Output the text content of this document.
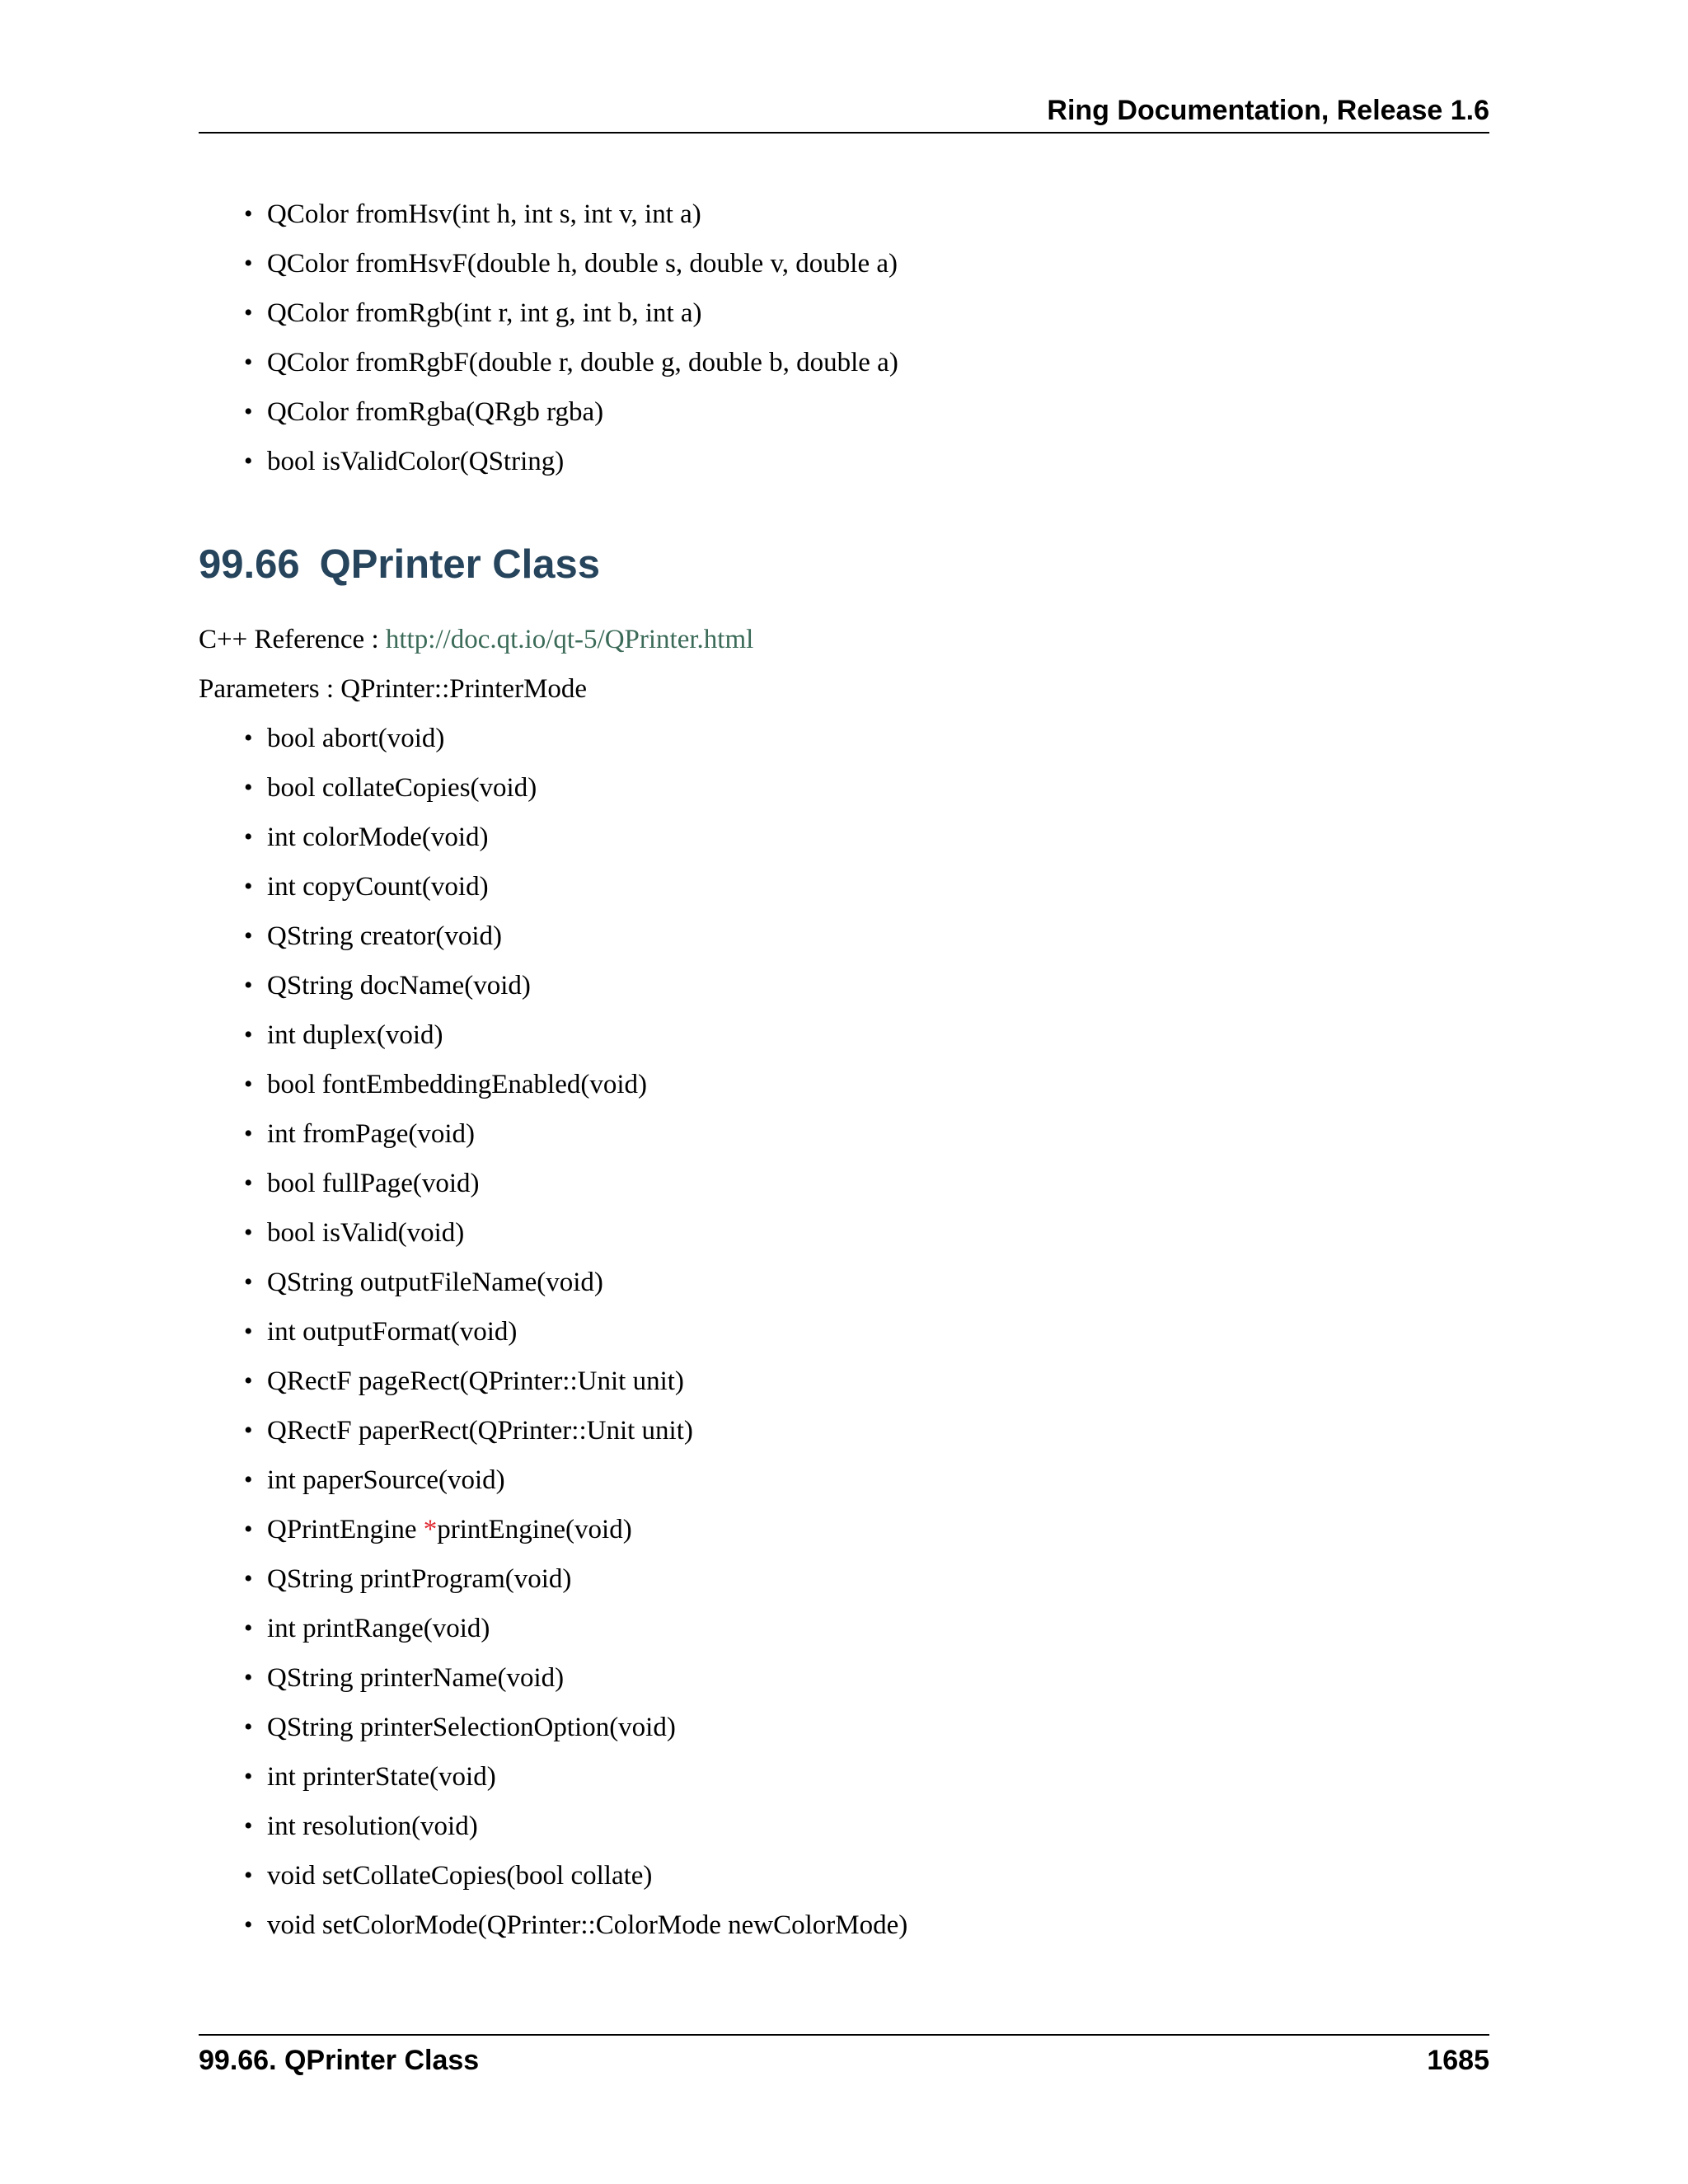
Ring Documentation, Release 1.6
• QColor fromHsv(int h, int s, int v, int a)
• QColor fromHsvF(double h, double s, double v, double a)
• QColor fromRgb(int r, int g, int b, int a)
• QColor fromRgbF(double r, double g, double b, double a)
• QColor fromRgba(QRgb rgba)
• bool isValidColor(QString)
99.66 QPrinter Class
C++ Reference : http://doc.qt.io/qt-5/QPrinter.html
Parameters : QPrinter::PrinterMode
• bool abort(void)
• bool collateCopies(void)
• int colorMode(void)
• int copyCount(void)
• QString creator(void)
• QString docName(void)
• int duplex(void)
• bool fontEmbeddingEnabled(void)
• int fromPage(void)
• bool fullPage(void)
• bool isValid(void)
• QString outputFileName(void)
• int outputFormat(void)
• QRectF pageRect(QPrinter::Unit unit)
• QRectF paperRect(QPrinter::Unit unit)
• int paperSource(void)
• QPrintEngine *printEngine(void)
• QString printProgram(void)
• int printRange(void)
• QString printerName(void)
• QString printerSelectionOption(void)
• int printerState(void)
• int resolution(void)
• void setCollateCopies(bool collate)
• void setColorMode(QPrinter::ColorMode newColorMode)
99.66. QPrinter Class	1685
